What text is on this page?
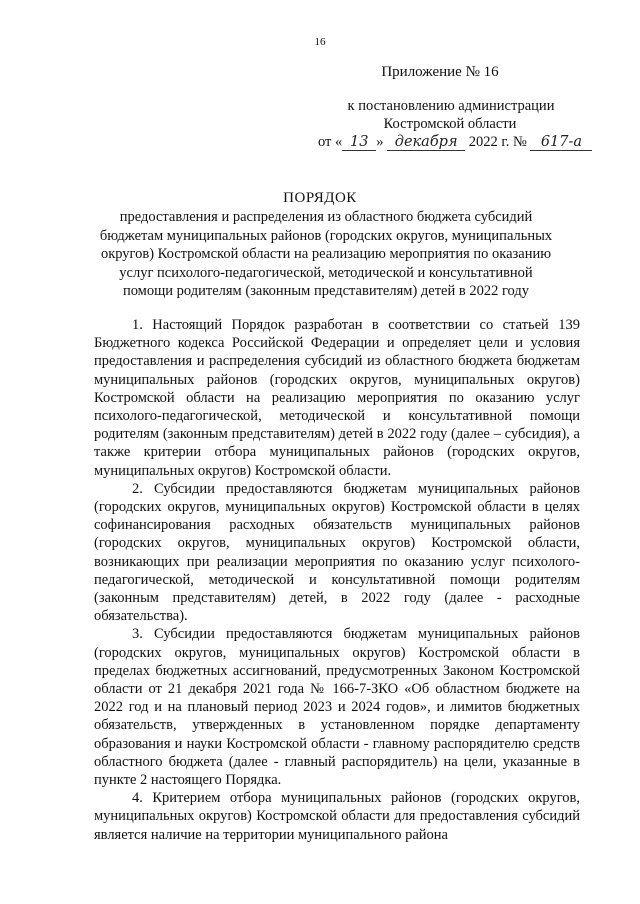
16
Приложение № 16
к постановлению администрации
Костромской области
от « 13 » декабря 2022 г. № 617-а
ПОРЯДОК
предоставления и распределения из областного бюджета субсидий бюджетам муниципальных районов (городских округов, муниципальных округов) Костромской области на реализацию мероприятия по оказанию услуг психолого-педагогической, методической и консультативной помощи родителям (законным представителям) детей в 2022 году

1. Настоящий Порядок разработан в соответствии со статьей 139 Бюджетного кодекса Российской Федерации и определяет цели и условия предоставления и распределения субсидий из областного бюджета бюджетам муниципальных районов (городских округов, муниципальных округов) Костромской области на реализацию мероприятия по оказанию услуг психолого-педагогической, методической и консультативной помощи родителям (законным представителям) детей в 2022 году (далее – субсидия), а также критерии отбора муниципальных районов (городских округов, муниципальных округов) Костромской области.

2. Субсидии предоставляются бюджетам муниципальных районов (городских округов, муниципальных округов) Костромской области в целях софинансирования расходных обязательств муниципальных районов (городских округов, муниципальных округов) Костромской области, возникающих при реализации мероприятия по оказанию услуг психолого-педагогической, методической и консультативной помощи родителям (законным представителям) детей, в 2022 году (далее - расходные обязательства).

3. Субсидии предоставляются бюджетам муниципальных районов (городских округов, муниципальных округов) Костромской области в пределах бюджетных ассигнований, предусмотренных Законом Костромской области от 21 декабря 2021 года № 166-7-ЗКО «Об областном бюджете на 2022 год и на плановый период 2023 и 2024 годов», и лимитов бюджетных обязательств, утвержденных в установленном порядке департаменту образования и науки Костромской области - главному распорядителю средств областного бюджета (далее - главный распорядитель) на цели, указанные в пункте 2 настоящего Порядка.

4. Критерием отбора муниципальных районов (городских округов, муниципальных округов) Костромской области для предоставления субсидий является наличие на территории муниципального района
